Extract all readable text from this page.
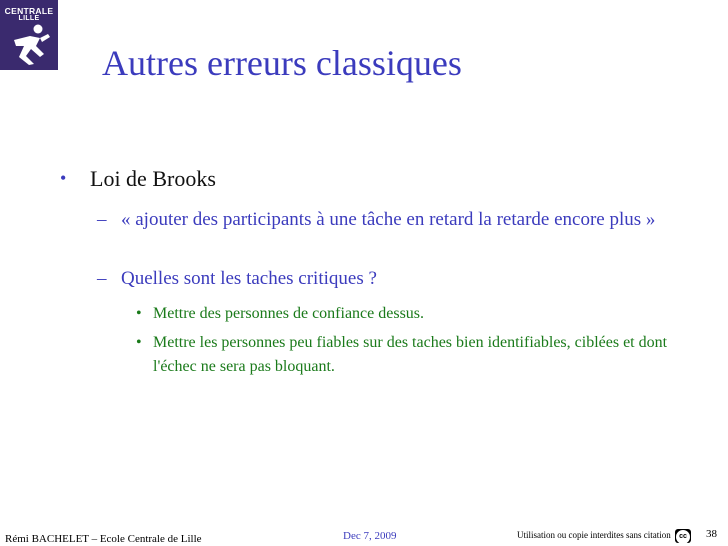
CENTRALE
LILLE
Autres erreurs classiques
• Loi de Brooks
– « ajouter des participants à une tâche en retard la retarde encore plus »
– Quelles sont les taches critiques ?
• Mettre des personnes de confiance dessus.
• Mettre les personnes peu fiables sur des taches bien identifiables, ciblées et dont l'échec ne sera pas bloquant.
Rémi BACHELET – Ecole Centrale de Lille	Dec 7, 2009	Utilisation ou copie interdites sans citation	cc 38
